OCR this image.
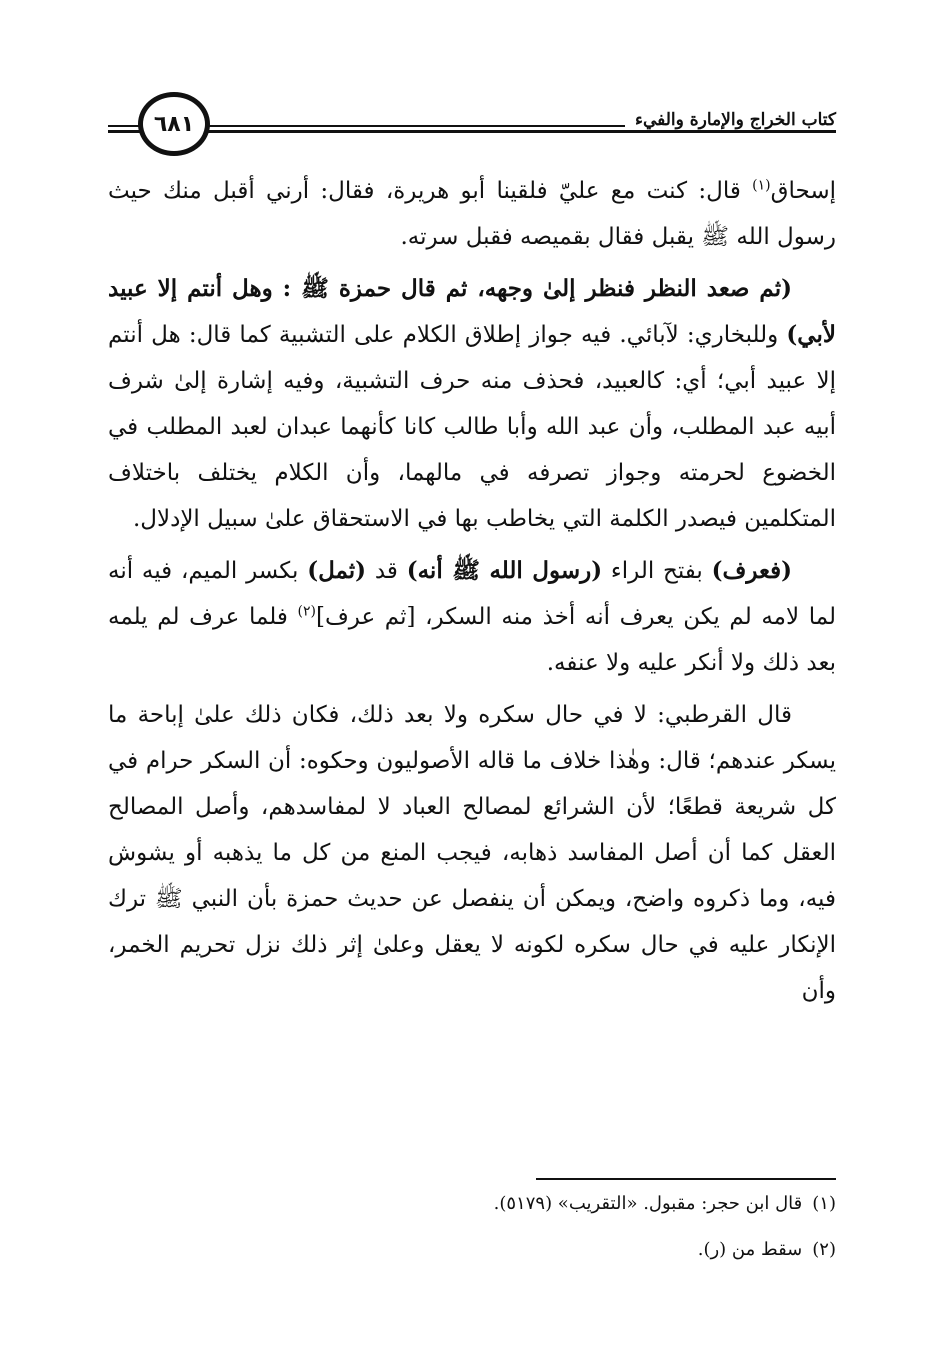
كتاب الخراج والإمارة والفيء
٦٨١

إسحاق$^{(١)}$ قال: كنت مع عليّ فلقينا أبو هريرة، فقال: أرني أقبل منك حيث رسول الله ﷺ يقبل فقال بقميصه فقبل سرته.

(ثم صعد النظر فنظر إلىٰ وجهه، ثم قال حمزة ﷺ : وهل أنتم إلا عبيد لأبي) وللبخاري: لآبائي. فيه جواز إطلاق الكلام على التشبية كما قال: هل أنتم إلا عبيد أبي؛ أي: كالعبيد، فحذف منه حرف التشبية، وفيه إشارة إلىٰ شرف أبيه عبد المطلب، وأن عبد الله وأبا طالب كانا كأنهما عبدان لعبد المطلب في الخضوع لحرمته وجواز تصرفه في مالهما، وأن الكلام يختلف باختلاف المتكلمين فيصدر الكلمة التي يخاطب بها في الاستحقاق علىٰ سبيل الإدلال.

(فعرف) بفتح الراء (رسول الله ﷺ أنه) قد (ثمل) بكسر الميم، فيه أنه لما لامه لم يكن يعرف أنه أخذ منه السكر، [ثم عرف]$^{(٢)}$ فلما عرف لم يلمه بعد ذلك ولا أنكر عليه ولا عنفه.

قال القرطبي: لا في حال سكره ولا بعد ذلك، فكان ذلك علىٰ إباحة ما يسكر عندهم؛ قال: وهٰذا خلاف ما قاله الأصوليون وحكوه: أن السكر حرام في كل شريعة قطعًا؛ لأن الشرائع لمصالح العباد لا لمفاسدهم، وأصل المصالح العقل كما أن أصل المفاسد ذهابه، فيجب المنع من كل ما يذهبه أو يشوش فيه، وما ذكروه واضح، ويمكن أن ينفصل عن حديث حمزة بأن النبي ﷺ ترك الإنكار عليه في حال سكره لكونه لا يعقل وعلىٰ إثر ذلك نزل تحريم الخمر، وأن

(١)قال ابن حجر: مقبول. «التقريب» (٥١٧٩).
(٢)سقط من (ر).
